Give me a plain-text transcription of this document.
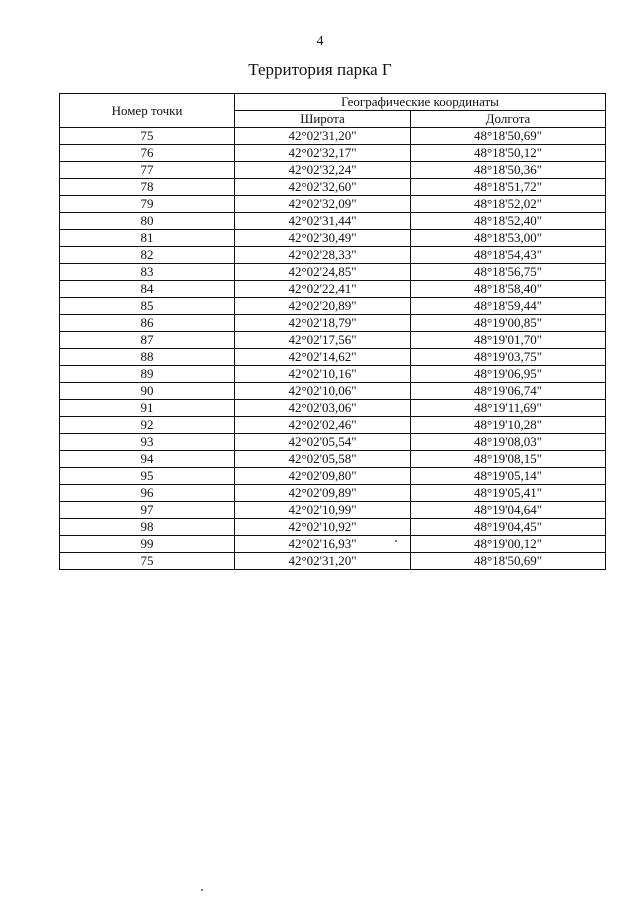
4
Территория парка Г
Номер точки	Географические координаты	
	Широта	Долгота
75	42°02'31,20"	48°18'50,69"
76	42°02'32,17"	48°18'50,12"
77	42°02'32,24"	48°18'50,36"
78	42°02'32,60"	48°18'51,72"
79	42°02'32,09"	48°18'52,02"
80	42°02'31,44"	48°18'52,40"
81	42°02'30,49"	48°18'53,00"
82	42°02'28,33"	48°18'54,43"
83	42°02'24,85"	48°18'56,75"
84	42°02'22,41"	48°18'58,40"
85	42°02'20,89"	48°18'59,44"
86	42°02'18,79"	48°19'00,85"
87	42°02'17,56"	48°19'01,70"
88	42°02'14,62"	48°19'03,75"
89	42°02'10,16"	48°19'06,95"
90	42°02'10,06"	48°19'06,74"
91	42°02'03,06"	48°19'11,69"
92	42°02'02,46"	48°19'10,28"
93	42°02'05,54"	48°19'08,03"
94	42°02'05,58"	48°19'08,15"
95	42°02'09,80"	48°19'05,14"
96	42°02'09,89"	48°19'05,41"
97	42°02'10,99"	48°19'04,64"
98	42°02'10,92"	48°19'04,45"
99	42°02'16,93"	48°19'00,12"
75	42°02'31,20"	48°18'50,69"
